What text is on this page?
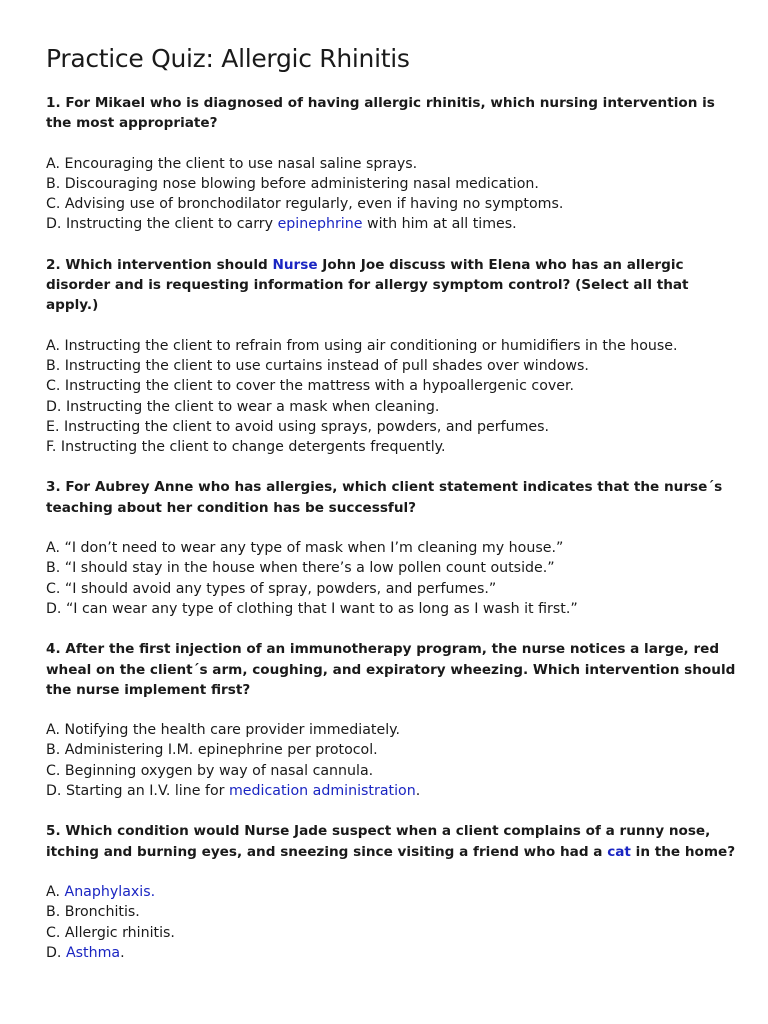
Practice Quiz: Allergic Rhinitis

1. For Mikael who is diagnosed of having allergic rhinitis, which nursing intervention is the most appropriate?

A. Encouraging the client to use nasal saline sprays.

B. Discouraging nose blowing before administering nasal medication.

C. Advising use of bronchodilator regularly, even if having no symptoms.

D. Instructing the client to carry epinephrine with him at all times.

2. Which intervention should Nurse John Joe discuss with Elena who has an allergic disorder and is requesting information for allergy symptom control? (Select all that apply.)

A. Instructing the client to refrain from using air conditioning or humidifiers in the house.

B. Instructing the client to use curtains instead of pull shades over windows.

C. Instructing the client to cover the mattress with a hypoallergenic cover.

D. Instructing the client to wear a mask when cleaning.

E. Instructing the client to avoid using sprays, powders, and perfumes.

F. Instructing the client to change detergents frequently.

3. For Aubrey Anne who has allergies, which client statement indicates that the nurse´s teaching about her condition has be successful?

A. “I don’t need to wear any type of mask when I’m cleaning my house.”

B. “I should stay in the house when there’s a low pollen count outside.”

C. “I should avoid any types of spray, powders, and perfumes.”

D. “I can wear any type of clothing that I want to as long as I wash it first.”

4. After the first injection of an immunotherapy program, the nurse notices a large, red wheal on the client´s arm, coughing, and expiratory wheezing. Which intervention should the nurse implement first?

A. Notifying the health care provider immediately.

B. Administering I.M. epinephrine per protocol.

C. Beginning oxygen by way of nasal cannula.

D. Starting an I.V. line for medication administration.

5. Which condition would Nurse Jade suspect when a client complains of a runny nose, itching and burning eyes, and sneezing since visiting a friend who had a cat in the home?

A. Anaphylaxis.

B. Bronchitis.

C. Allergic rhinitis.

D. Asthma.
